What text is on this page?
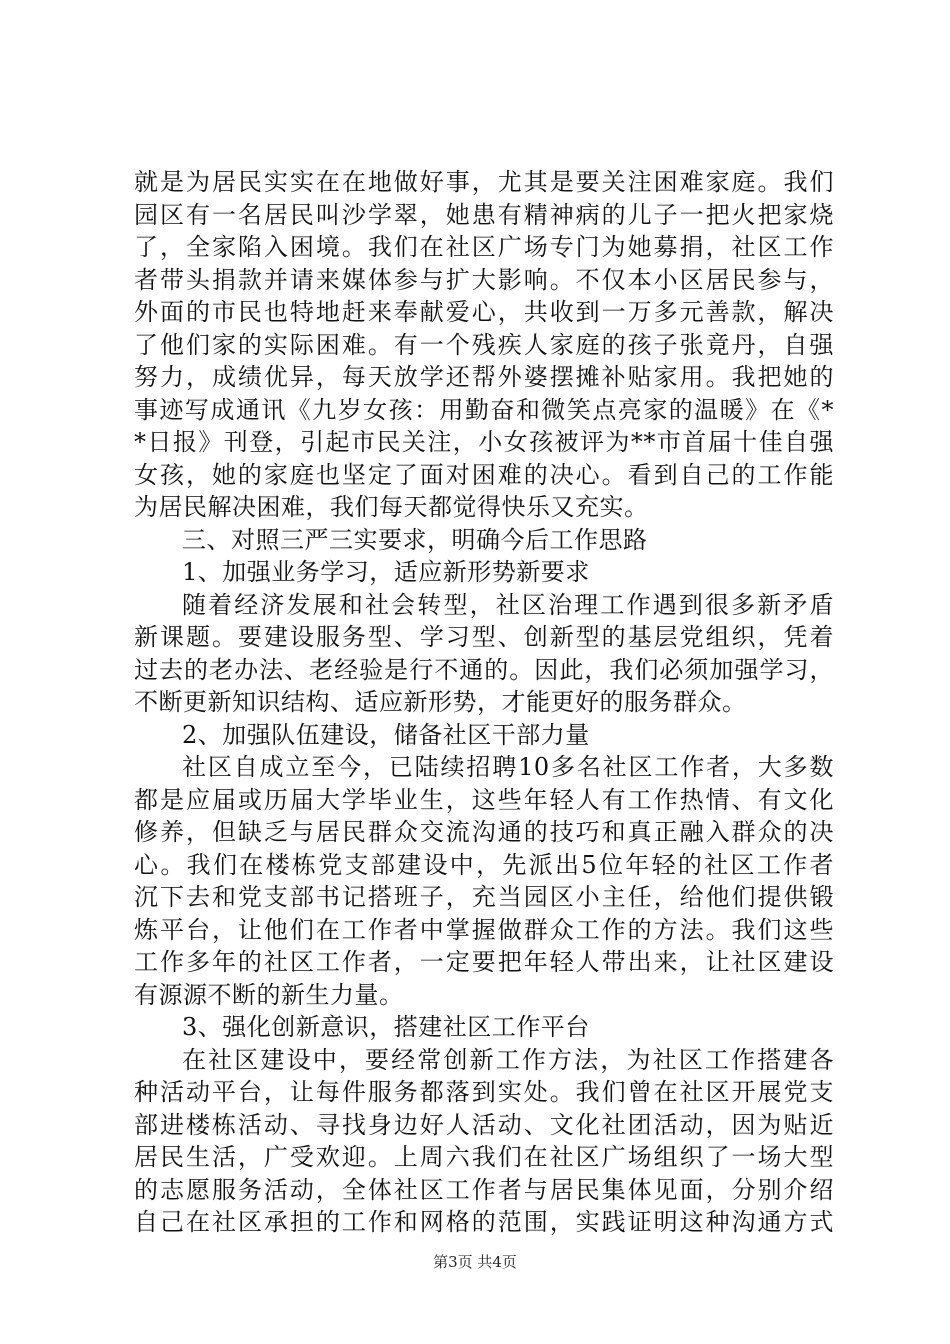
就是为居民实实在在地做好事，尤其是要关注困难家庭。我们
园区有一名居民叫沙学翠，她患有精神病的儿子一把火把家烧
了，全家陷入困境。我们在社区广场专门为她募捐，社区工作
者带头捐款并请来媒体参与扩大影响。不仅本小区居民参与，
外面的市民也特地赶来奉献爱心，共收到一万多元善款，解决
了他们家的实际困难。有一个残疾人家庭的孩子张竟丹，自强
努力，成绩优异，每天放学还帮外婆摆摊补贴家用。我把她的
事迹写成通讯《九岁女孩：用勤奋和微笑点亮家的温暖》在《*
*日报》刊登，引起市民关注，小女孩被评为**市首届十佳自强
女孩，她的家庭也坚定了面对困难的决心。看到自己的工作能
为居民解决困难，我们每天都觉得快乐又充实。
三、对照三严三实要求，明确今后工作思路
1、加强业务学习，适应新形势新要求
随着经济发展和社会转型，社区治理工作遇到很多新矛盾
新课题。要建设服务型、学习型、创新型的基层党组织，凭着
过去的老办法、老经验是行不通的。因此，我们必须加强学习，
不断更新知识结构、适应新形势，才能更好的服务群众。
2、加强队伍建设，储备社区干部力量
社区自成立至今，已陆续招聘10多名社区工作者，大多数
都是应届或历届大学毕业生，这些年轻人有工作热情、有文化
修养，但缺乏与居民群众交流沟通的技巧和真正融入群众的决
心。我们在楼栋党支部建设中，先派出5位年轻的社区工作者
沉下去和党支部书记搭班子，充当园区小主任，给他们提供锻
炼平台，让他们在工作者中掌握做群众工作的方法。我们这些
工作多年的社区工作者，一定要把年轻人带出来，让社区建设
有源源不断的新生力量。
3、强化创新意识，搭建社区工作平台
在社区建设中，要经常创新工作方法，为社区工作搭建各
种活动平台，让每件服务都落到实处。我们曾在社区开展党支
部进楼栋活动、寻找身边好人活动、文化社团活动，因为贴近
居民生活，广受欢迎。上周六我们在社区广场组织了一场大型
的志愿服务活动，全体社区工作者与居民集体见面，分别介绍
自己在社区承担的工作和网格的范围，实践证明这种沟通方式
第3页 共4页
